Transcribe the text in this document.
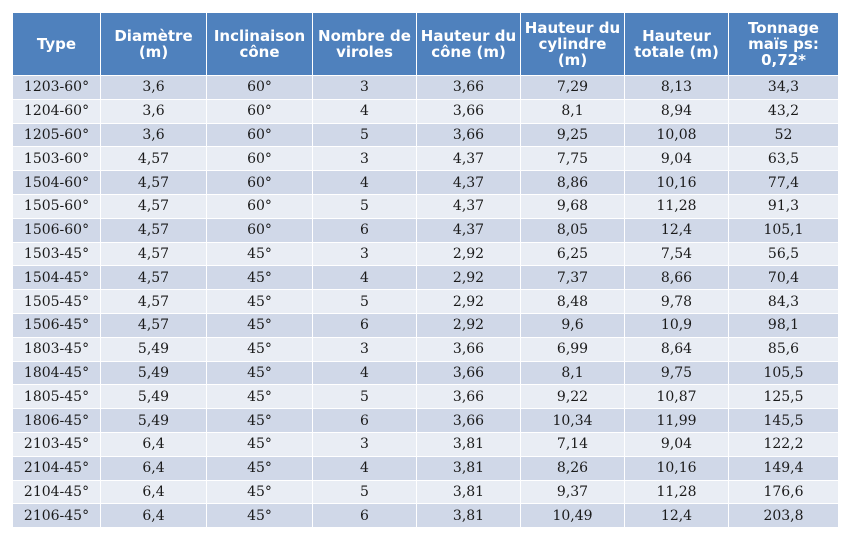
Type	Diamètre (m)	Inclinaison cône	Nombre de viroles	Hauteur du cône (m)	Hauteur du cylindre (m)	Hauteur totale (m)	Tonnage maïs ps: 0,72*
1203-60°	3,6	60°	3	3,66	7,29	8,13	34,3
1204-60°	3,6	60°	4	3,66	8,1	8,94	43,2
1205-60°	3,6	60°	5	3,66	9,25	10,08	52
1503-60°	4,57	60°	3	4,37	7,75	9,04	63,5
1504-60°	4,57	60°	4	4,37	8,86	10,16	77,4
1505-60°	4,57	60°	5	4,37	9,68	11,28	91,3
1506-60°	4,57	60°	6	4,37	8,05	12,4	105,1
1503-45°	4,57	45°	3	2,92	6,25	7,54	56,5
1504-45°	4,57	45°	4	2,92	7,37	8,66	70,4
1505-45°	4,57	45°	5	2,92	8,48	9,78	84,3
1506-45°	4,57	45°	6	2,92	9,6	10,9	98,1
1803-45°	5,49	45°	3	3,66	6,99	8,64	85,6
1804-45°	5,49	45°	4	3,66	8,1	9,75	105,5
1805-45°	5,49	45°	5	3,66	9,22	10,87	125,5
1806-45°	5,49	45°	6	3,66	10,34	11,99	145,5
2103-45°	6,4	45°	3	3,81	7,14	9,04	122,2
2104-45°	6,4	45°	4	3,81	8,26	10,16	149,4
2104-45°	6,4	45°	5	3,81	9,37	11,28	176,6
2106-45°	6,4	45°	6	3,81	10,49	12,4	203,8
